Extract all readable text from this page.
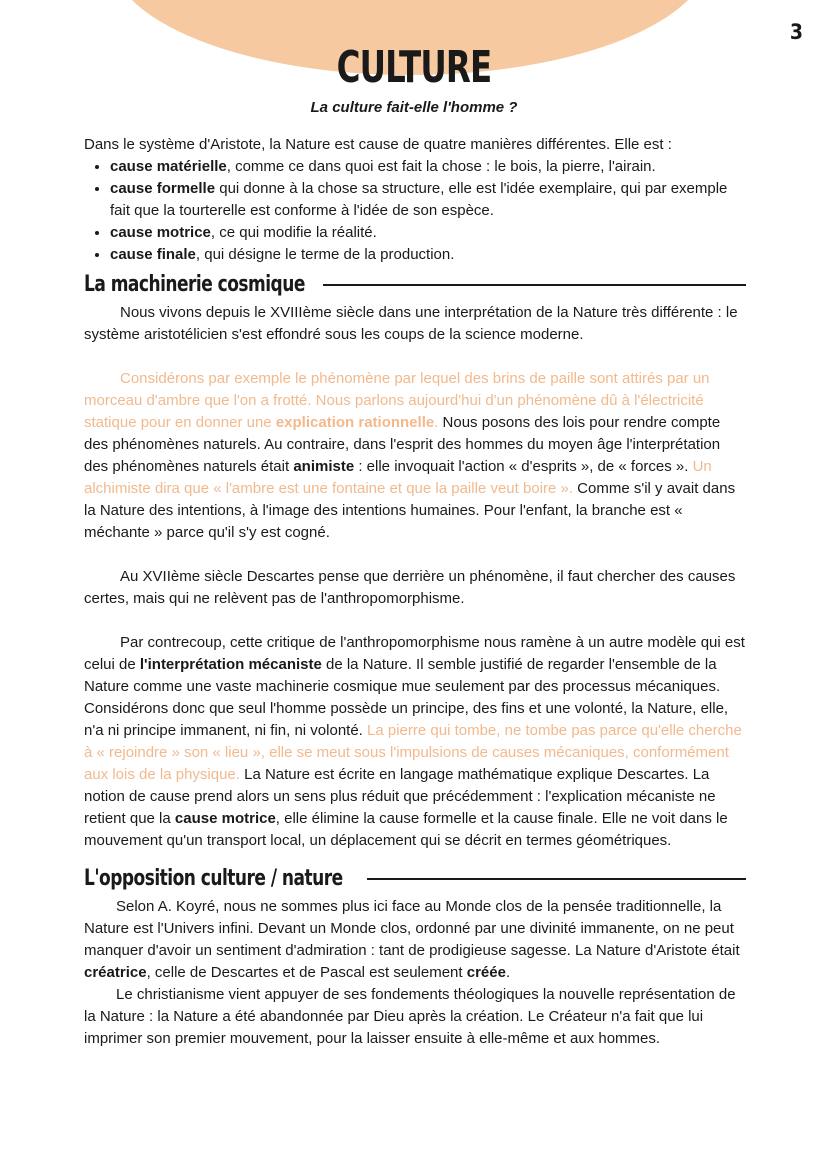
3
CULTURE
La culture fait-elle l'homme ?

Dans le système d'Aristote, la Nature est cause de quatre manières différentes. Elle est :

• cause matérielle, comme ce dans quoi est fait la chose : le bois, la pierre, l'airain.
• cause formelle qui donne à la chose sa structure, elle est l'idée exemplaire, qui par exemple fait que la tourterelle est conforme à l'idée de son espèce.
• cause motrice, ce qui modifie la réalité.
• cause finale, qui désigne le terme de la production.
La machinerie cosmique

Nous vivons depuis le XVIIIème siècle dans une interprétation de la Nature très différente : le système aristotélicien s'est effondré sous les coups de la science moderne.

Considérons par exemple le phénomène par lequel des brins de paille sont attirés par un morceau d'ambre que l'on a frotté. Nous parlons aujourd'hui d'un phénomène dû à l'électricité statique pour en donner une explication rationnelle. Nous posons des lois pour rendre compte des phénomènes naturels. Au contraire, dans l'esprit des hommes du moyen âge l'interprétation des phénomènes naturels était animiste : elle invoquait l'action « d'esprits », de « forces ». Un alchimiste dira que « l'ambre est une fontaine et que la paille veut boire ». Comme s'il y avait dans la Nature des intentions, à l'image des intentions humaines. Pour l'enfant, la branche est « méchante » parce qu'il s'y est cogné.

Au XVIIème siècle Descartes pense que derrière un phénomène, il faut chercher des causes certes, mais qui ne relèvent pas de l'anthropomorphisme.

Par contrecoup, cette critique de l'anthropomorphisme nous ramène à un autre modèle qui est celui de l'interprétation mécaniste de la Nature. Il semble justifié de regarder l'ensemble de la Nature comme une vaste machinerie cosmique mue seulement par des processus mécaniques. Considérons donc que seul l'homme possède un principe, des fins et une volonté, la Nature, elle, n'a ni principe immanent, ni fin, ni volonté. La pierre qui tombe, ne tombe pas parce qu'elle cherche à « rejoindre » son « lieu », elle se meut sous l'impulsions de causes mécaniques, conformément aux lois de la physique. La Nature est écrite en langage mathématique explique Descartes. La notion de cause prend alors un sens plus réduit que précédemment : l'explication mécaniste ne retient que la cause motrice, elle élimine la cause formelle et la cause finale. Elle ne voit dans le mouvement qu'un transport local, un déplacement qui se décrit en termes géométriques.

L'opposition culture / nature

Selon A. Koyré, nous ne sommes plus ici face au Monde clos de la pensée traditionnelle, la Nature est l'Univers infini. Devant un Monde clos, ordonné par une divinité immanente, on ne peut manquer d'avoir un sentiment d'admiration : tant de prodigieuse sagesse. La Nature d'Aristote était créatrice, celle de Descartes et de Pascal est seulement créée.

Le christianisme vient appuyer de ses fondements théologiques la nouvelle représentation de la Nature : la Nature a été abandonnée par Dieu après la création. Le Créateur n'a fait que lui imprimer son premier mouvement, pour la laisser ensuite à elle-même et aux hommes.
